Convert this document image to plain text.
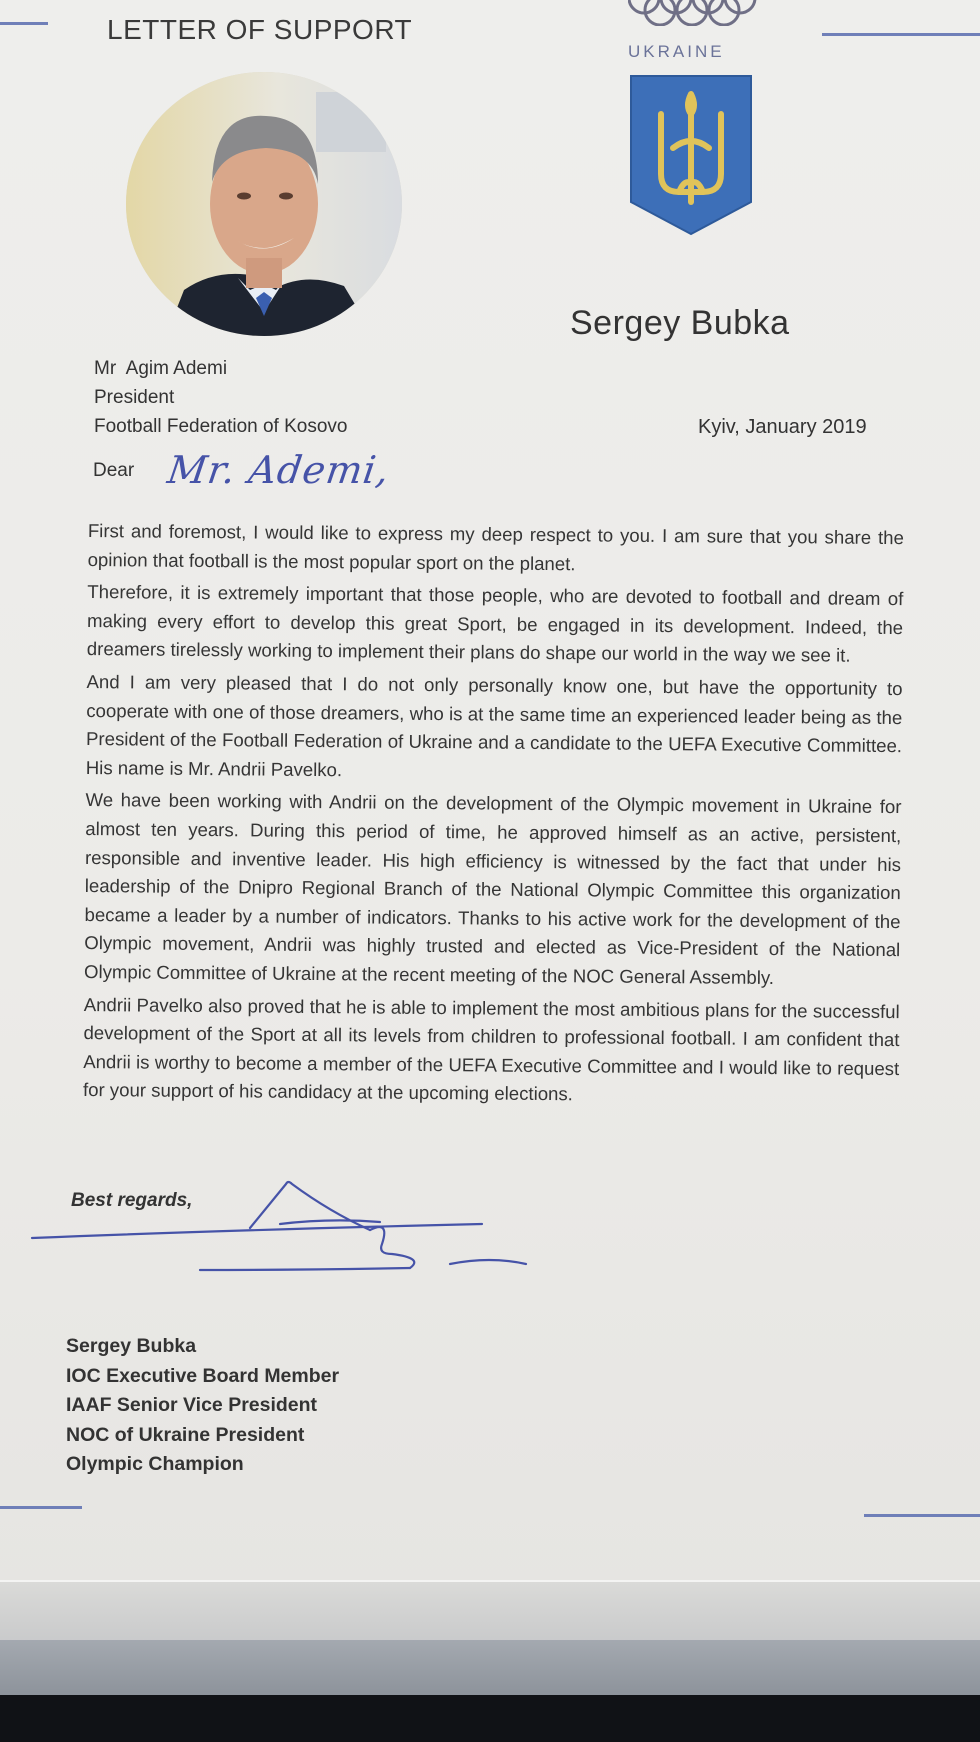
LETTER OF SUPPORT
UKRAINE
Sergey Bubka
Mr  Agim Ademi
President
Football Federation of Kosovo	Kyiv, January 2019
Dear Mr. Ademi,

First and foremost, I would like to express my deep respect to you. I am sure that you share the opinion that football is the most popular sport on the planet.

Therefore, it is extremely important that those people, who are devoted to football and dream of making every effort to develop this great Sport, be engaged in its development. Indeed, the dreamers tirelessly working to implement their plans do shape our world in the way we see it.

And I am very pleased that I do not only personally know one, but have the opportunity to cooperate with one of those dreamers, who is at the same time an experienced leader being as the President of the Football Federation of Ukraine and a candidate to the UEFA Executive Committee. His name is Mr. Andrii Pavelko.

We have been working with Andrii on the development of the Olympic movement in Ukraine for almost ten years. During this period of time, he approved himself as an active, persistent, responsible and inventive leader. His high efficiency is witnessed by the fact that under his leadership of the Dnipro Regional Branch of the National Olympic Committee this organization became a leader by a number of indicators. Thanks to his active work for the development of the Olympic movement, Andrii was highly trusted and elected as Vice-President of the National Olympic Committee of Ukraine at the recent meeting of the NOC General Assembly.

Andrii Pavelko also proved that he is able to implement the most ambitious plans for the successful development of the Sport at all its levels from children to professional football. I am confident that Andrii is worthy to become a member of the UEFA Executive Committee and I would like to request for your support of his candidacy at the upcoming elections.

Best regards,
Sergey Bubka
IOC Executive Board Member
IAAF Senior Vice President
NOC of Ukraine President
Olympic Champion
